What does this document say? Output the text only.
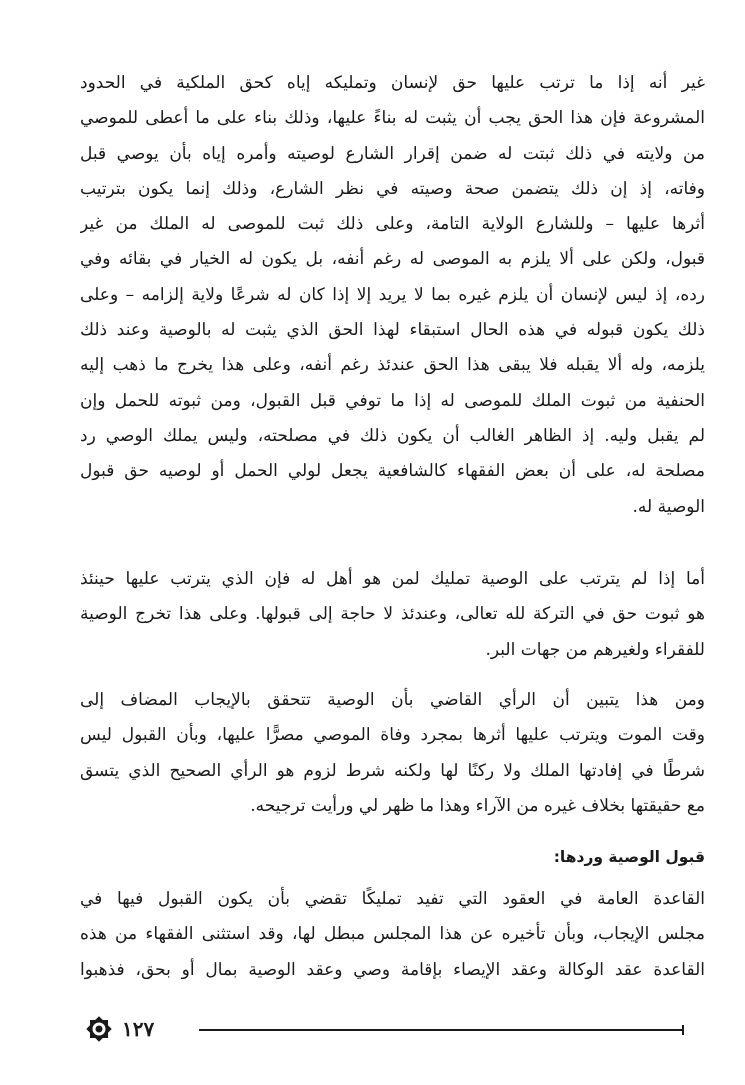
غير أنه إذا ما ترتب عليها حق لإنسان وتمليكه إياه كحق الملكية في الحدود
المشروعة فإن هذا الحق يجب أن يثبت له بناءً عليها، وذلك بناء على ما أعطى للموصي
من ولايته في ذلك ثبتت له ضمن إقرار الشارع لوصيته وأمره إياه بأن يوصي قبل
وفاته، إذ إن ذلك يتضمن صحة وصيته في نظر الشارع، وذلك إنما يكون بترتيب
أثرها عليها – وللشارع الولاية التامة، وعلى ذلك ثبت للموصى له الملك من غير
قبول، ولكن على ألا يلزم به الموصى له رغم أنفه، بل يكون له الخيار في بقائه وفي
رده، إذ ليس لإنسان أن يلزم غيره بما لا يريد إلا إذا كان له شرعًا ولاية إلزامه – وعلى
ذلك يكون قبوله في هذه الحال استبقاء لهذا الحق الذي يثبت له بالوصية وعند ذلك
يلزمه، وله ألا يقبله فلا يبقى هذا الحق عندئذ رغم أنفه، وعلى هذا يخرج ما ذهب إليه
الحنفية من ثبوت الملك للموصى له إذا ما توفي قبل القبول، ومن ثبوته للحمل وإن
لم يقبل وليه. إذ الظاهر الغالب أن يكون ذلك في مصلحته، وليس يملك الوصي رد
مصلحة له، على أن بعض الفقهاء كالشافعية يجعل لولي الحمل أو لوصيه حق قبول
الوصية له.
أما إذا لم يترتب على الوصية تمليك لمن هو أهل له فإن الذي يترتب عليها حينئذ
هو ثبوت حق في التركة لله تعالى، وعندئذ لا حاجة إلى قبولها. وعلى هذا تخرج الوصية
للفقراء ولغيرهم من جهات البر.
ومن هذا يتبين أن الرأي القاضي بأن الوصية تتحقق بالإيجاب المضاف إلى
وقت الموت ويترتب عليها أثرها بمجرد وفاة الموصي مصرًّا عليها، وبأن القبول ليس
شرطًا في إفادتها الملك ولا ركنًا لها ولكنه شرط لزوم هو الرأي الصحيح الذي يتسق
مع حقيقتها بخلاف غيره من الآراء وهذا ما ظهر لي ورأيت ترجيحه.
قبول الوصية وردها:
القاعدة العامة في العقود التي تفيد تمليكًا تقضي بأن يكون القبول فيها في
مجلس الإيجاب، وبأن تأخيره عن هذا المجلس مبطل لها، وقد استثنى الفقهاء من هذه
القاعدة عقد الوكالة وعقد الإيصاء بإقامة وصي وعقد الوصية بمال أو بحق، فذهبوا
١٢٧
